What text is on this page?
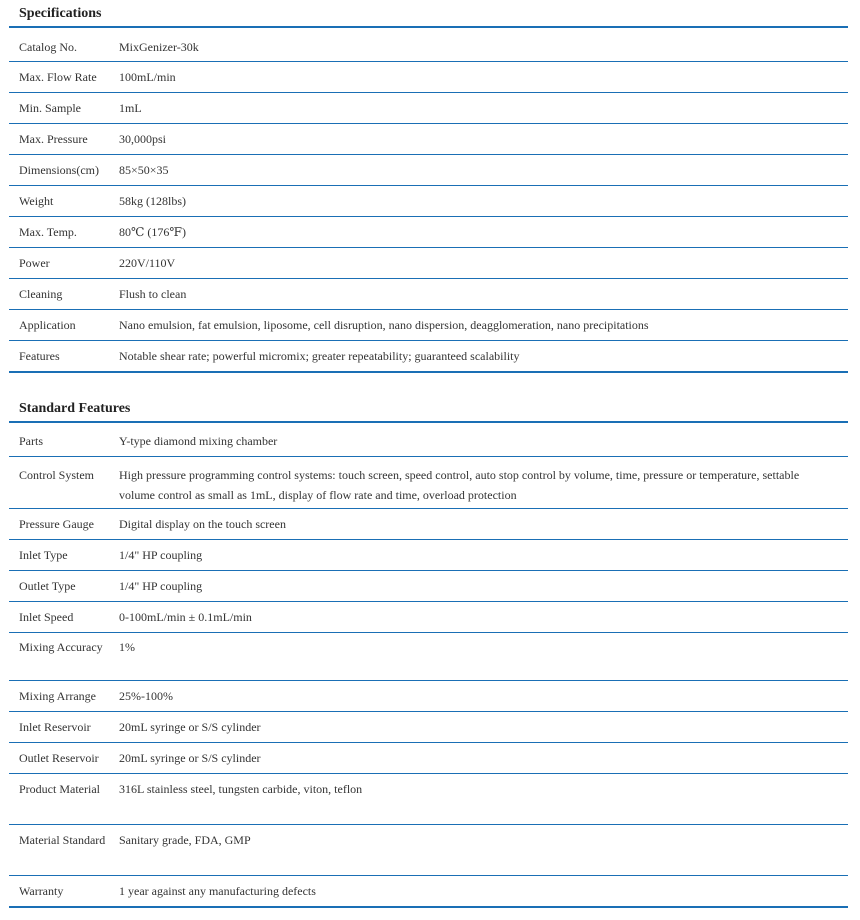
Specifications
Catalog No.	MixGenizer-30k

Max. Flow Rate	100mL/min

Min. Sample	1mL

Max. Pressure	30,000psi

Dimensions(cm)	85×50×35

Weight	58kg (128lbs)

Max. Temp.	80℃ (176℉)

Power	220V/110V

Cleaning	Flush to clean

Application	Nano emulsion, fat emulsion, liposome, cell disruption, nano dispersion, deagglomeration, nano precipitations

Features	Notable shear rate; powerful micromix; greater repeatability; guaranteed scalability
Standard Features
Parts	Y-type diamond mixing chamber

Control System	High pressure programming control systems: touch screen, speed control, auto stop control by volume, time, pressure or temperature, settable volume control as small as 1mL, display of flow rate and time, overload protection

Pressure Gauge	Digital display on the touch screen

Inlet Type	1/4" HP coupling

Outlet Type	1/4" HP coupling

Inlet Speed	0-100mL/min ± 0.1mL/min

Mixing Accuracy	1%

Mixing Arrange	25%-100%

Inlet Reservoir	20mL syringe or S/S cylinder

Outlet Reservoir	20mL syringe or S/S cylinder

Product Material	316L stainless steel, tungsten carbide, viton, teflon

Material Standard	Sanitary grade, FDA, GMP

Warranty	1 year against any manufacturing defects
